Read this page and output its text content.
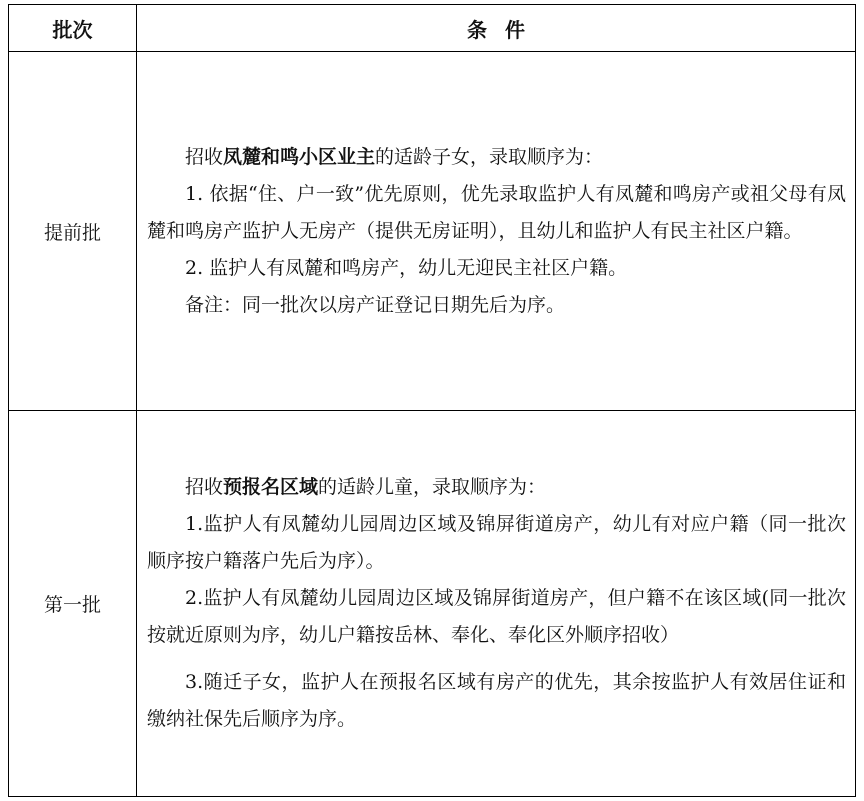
批次	条件
提前批	招收凤麓和鸣小区业主的适龄子女，录取顺序为：

1. 依据“住、户一致”优先原则，优先录取监护人有凤麓和鸣房产或祖父母有凤麓和鸣房产监护人无房产（提供无房证明），且幼儿和监护人有民主社区户籍。

2. 监护人有凤麓和鸣房产，幼儿无迎民主社区户籍。

备注：同一批次以房产证登记日期先后为序。

第一批	招收预报名区域的适龄儿童，录取顺序为：

1.监护人有凤麓幼儿园周边区域及锦屏街道房产，幼儿有对应户籍（同一批次顺序按户籍落户先后为序）。

2.监护人有凤麓幼儿园周边区域及锦屏街道房产，但户籍不在该区域(同一批次按就近原则为序，幼儿户籍按岳林、奉化、奉化区外顺序招收）

3.随迁子女，监护人在预报名区域有房产的优先，其余按监护人有效居住证和缴纳社保先后顺序为序。
